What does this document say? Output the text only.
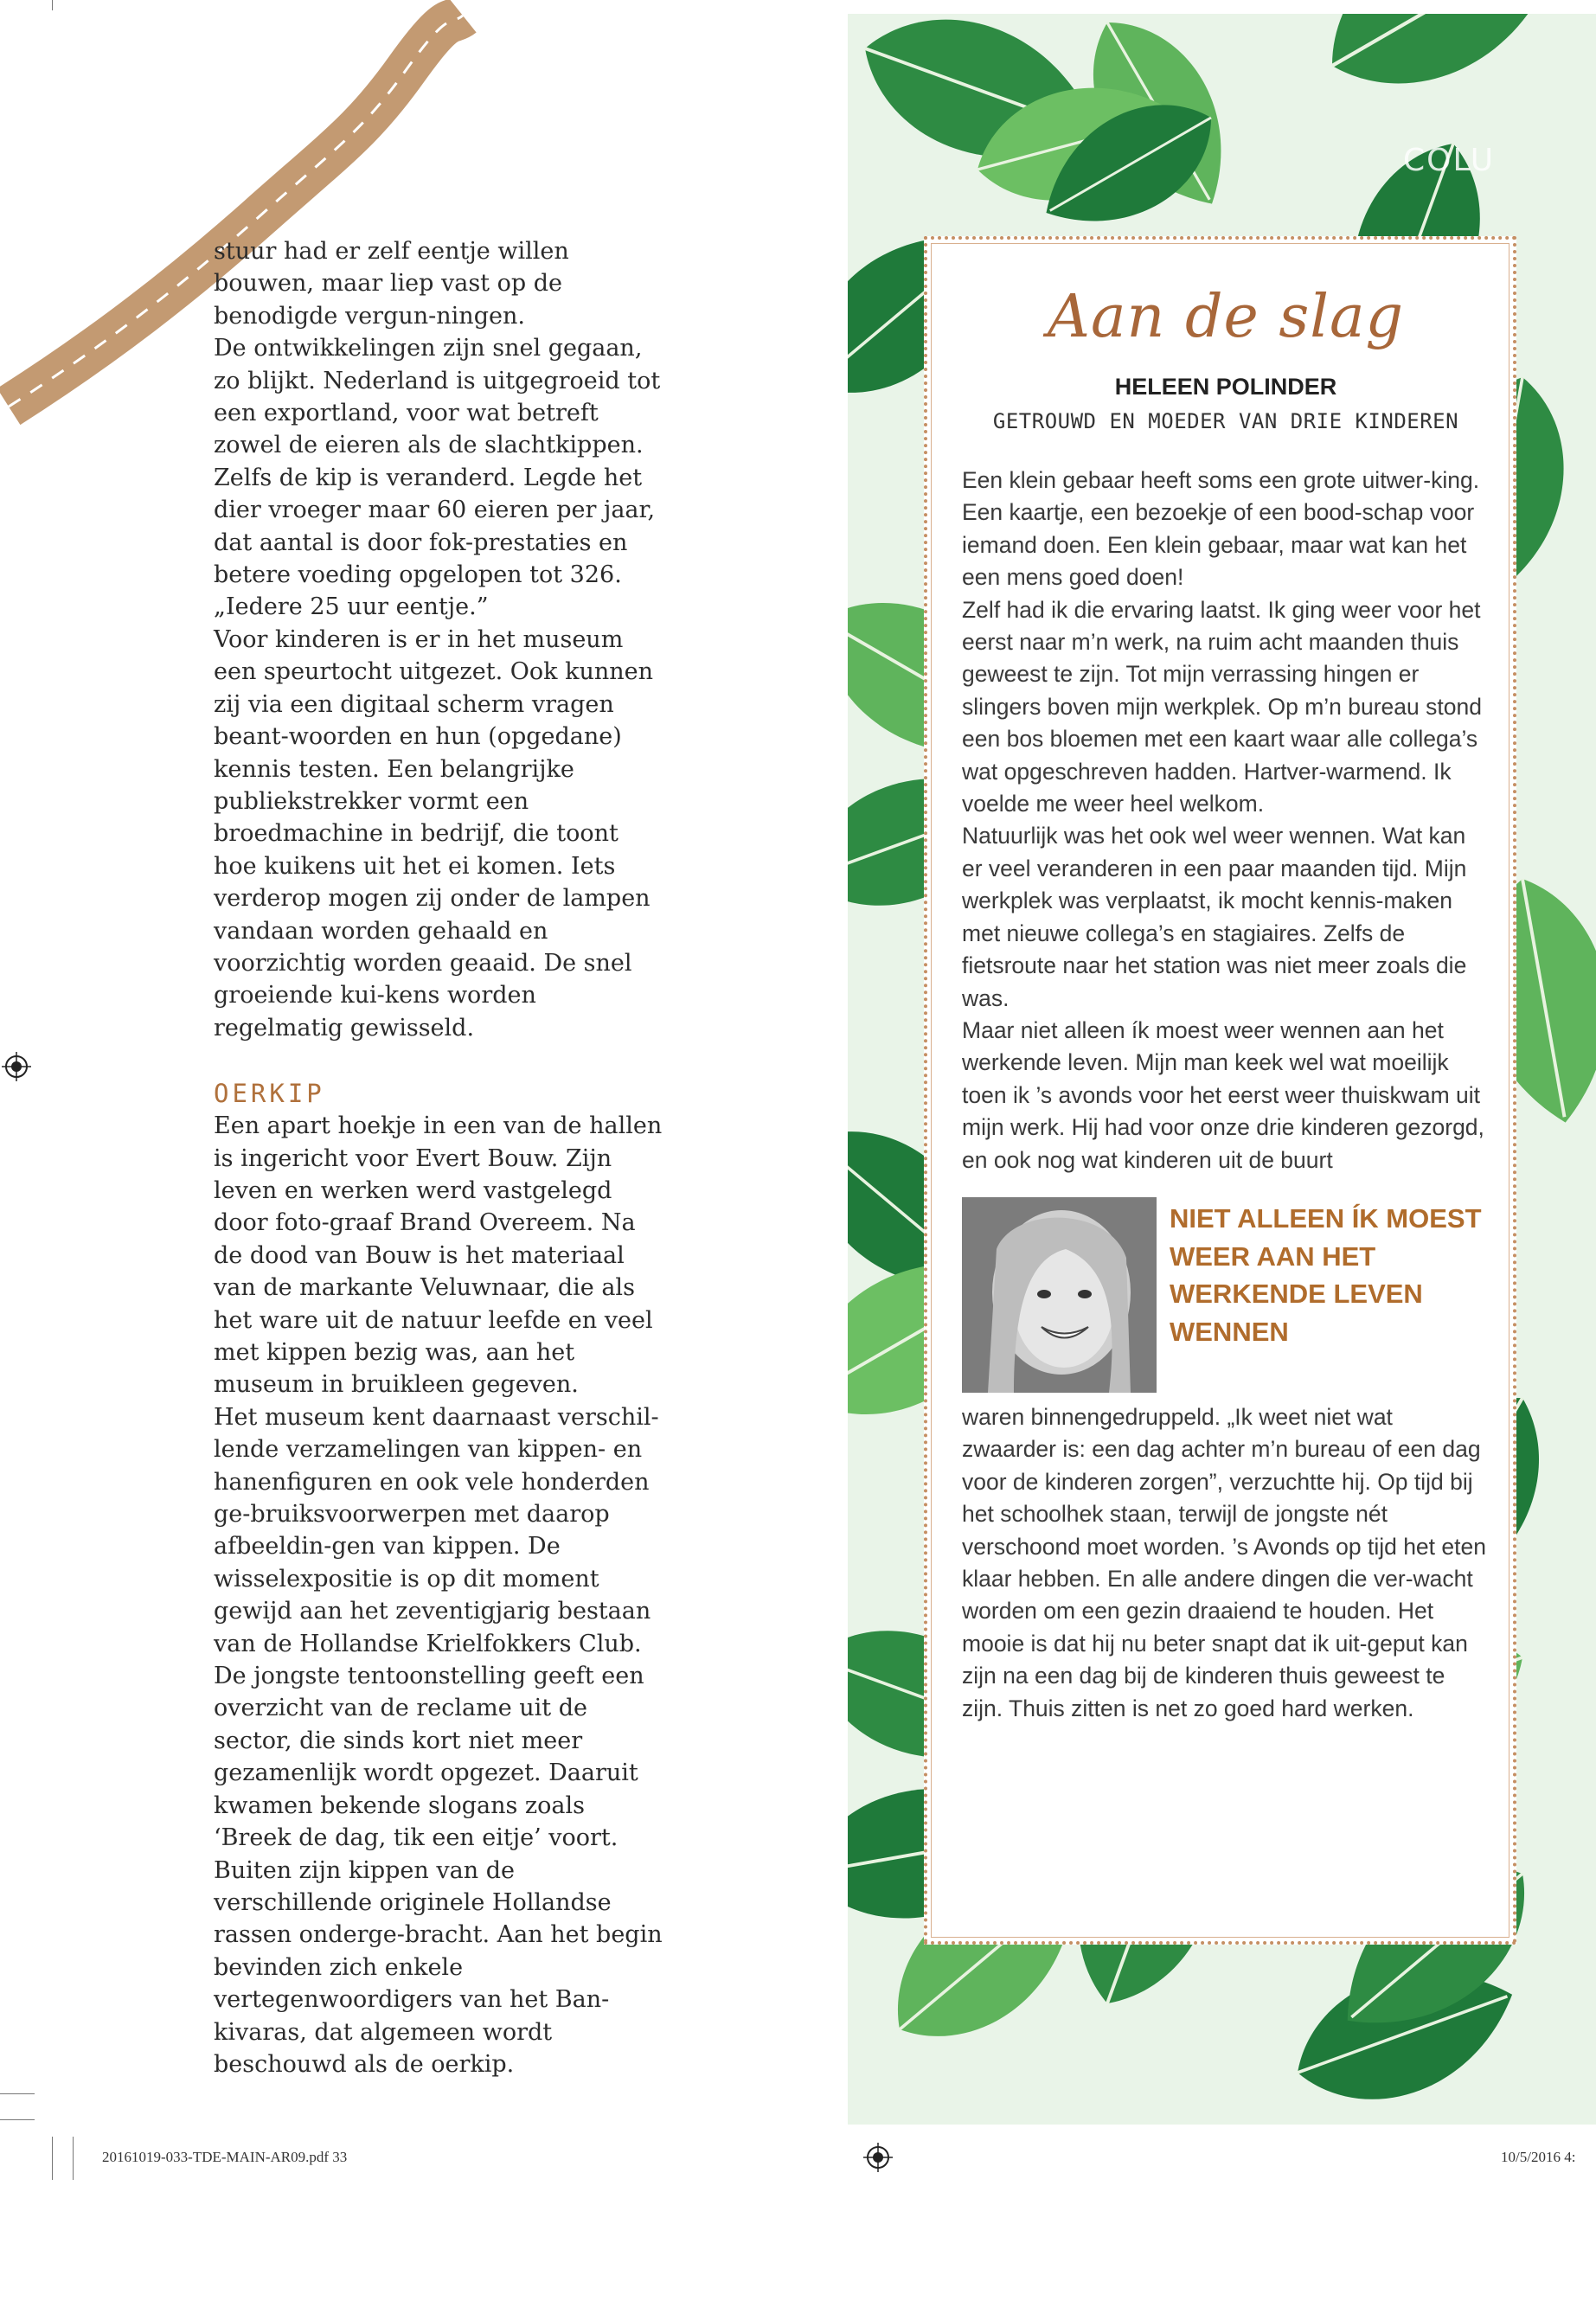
stuur had er zelf eentje willen bouwen, maar liep vast op de benodigde vergun-ningen.

De ontwikkelingen zijn snel gegaan, zo blijkt. Nederland is uitgegroeid tot een exportland, voor wat betreft zowel de eieren als de slachtkippen. Zelfs de kip is veranderd. Legde het dier vroeger maar 60 eieren per jaar, dat aantal is door fok-prestaties en betere voeding opgelopen tot 326. „Iedere 25 uur eentje.”

Voor kinderen is er in het museum een speurtocht uitgezet. Ook kunnen zij via een digitaal scherm vragen beant-woorden en hun (opgedane) kennis testen. Een belangrijke publiekstrekker vormt een broedmachine in bedrijf, die toont hoe kuikens uit het ei komen. Iets verderop mogen zij onder de lampen vandaan worden gehaald en voorzichtig worden geaaid. De snel groeiende kui-kens worden regelmatig gewisseld.

OERKIP

Een apart hoekje in een van de hallen is ingericht voor Evert Bouw. Zijn leven en werken werd vastgelegd door foto-graaf Brand Overeem. Na de dood van Bouw is het materiaal van de markante Veluwnaar, die als het ware uit de natuur leefde en veel met kippen bezig was, aan het museum in bruikleen gegeven.

Het museum kent daarnaast verschil-lende verzamelingen van kippen- en hanenfiguren en ook vele honderden ge-bruiksvoorwerpen met daarop afbeeldin-gen van kippen. De wisselexpositie is op dit moment gewijd aan het zeventigjarig bestaan van de Hollandse Krielfokkers Club.

De jongste tentoonstelling geeft een overzicht van de reclame uit de sector, die sinds kort niet meer gezamenlijk wordt opgezet. Daaruit kwamen bekende slogans zoals ‘Breek de dag, tik een eitje’ voort.

Buiten zijn kippen van de verschillende originele Hollandse rassen onderge-bracht. Aan het begin bevinden zich enkele vertegenwoordigers van het Ban-kivaras, dat algemeen wordt beschouwd als de oerkip.

COLU
Aan de slag
HELEEN POLINDER
GETROUWD EN MOEDER VAN DRIE KINDEREN

Een klein gebaar heeft soms een grote uitwer-king. Een kaartje, een bezoekje of een bood-schap voor iemand doen. Een klein gebaar, maar wat kan het een mens goed doen!

Zelf had ik die ervaring laatst. Ik ging weer voor het eerst naar m’n werk, na ruim acht maanden thuis geweest te zijn. Tot mijn verrassing hingen er slingers boven mijn werkplek. Op m’n bureau stond een bos bloemen met een kaart waar alle collega’s wat opgeschreven hadden. Hartver-warmend. Ik voelde me weer heel welkom.

Natuurlijk was het ook wel weer wennen. Wat kan er veel veranderen in een paar maanden tijd. Mijn werkplek was verplaatst, ik mocht kennis-maken met nieuwe collega’s en stagiaires. Zelfs de fietsroute naar het station was niet meer zoals die was.

Maar niet alleen ík moest weer wennen aan het werkende leven. Mijn man keek wel wat moeilijk toen ik ’s avonds voor het eerst weer thuiskwam uit mijn werk. Hij had voor onze drie kinderen gezorgd, en ook nog wat kinderen uit de buurt

NIET ALLEEN ÍK MOEST WEER AAN HET WERKENDE LEVEN WENNEN

waren binnengedruppeld. „Ik weet niet wat zwaarder is: een dag achter m’n bureau of een dag voor de kinderen zorgen”, verzuchtte hij. Op tijd bij het schoolhek staan, terwijl de jongste nét verschoond moet worden. ’s Avonds op tijd het eten klaar hebben. En alle andere dingen die ver-wacht worden om een gezin draaiend te houden. Het mooie is dat hij nu beter snapt dat ik uit-geput kan zijn na een dag bij de kinderen thuis geweest te zijn. Thuis zitten is net zo goed hard werken.

20161019-033-TDE-MAIN-AR09.pdf 33	10/5/2016 4:
